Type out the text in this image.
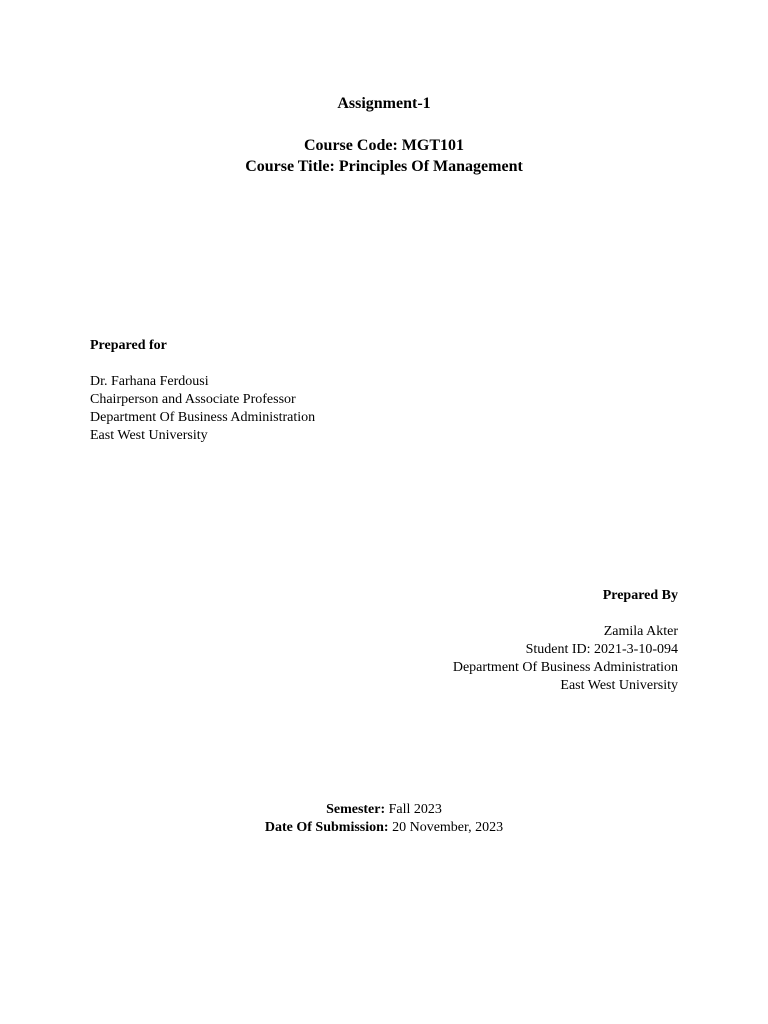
Assignment-1
Course Code: MGT101
Course Title: Principles Of Management
Prepared for
Dr. Farhana Ferdousi
Chairperson and Associate Professor
Department Of Business Administration
East West University
Prepared By
Zamila Akter
Student ID: 2021-3-10-094
Department Of Business Administration
East West University
Semester: Fall 2023
Date Of Submission: 20 November, 2023
